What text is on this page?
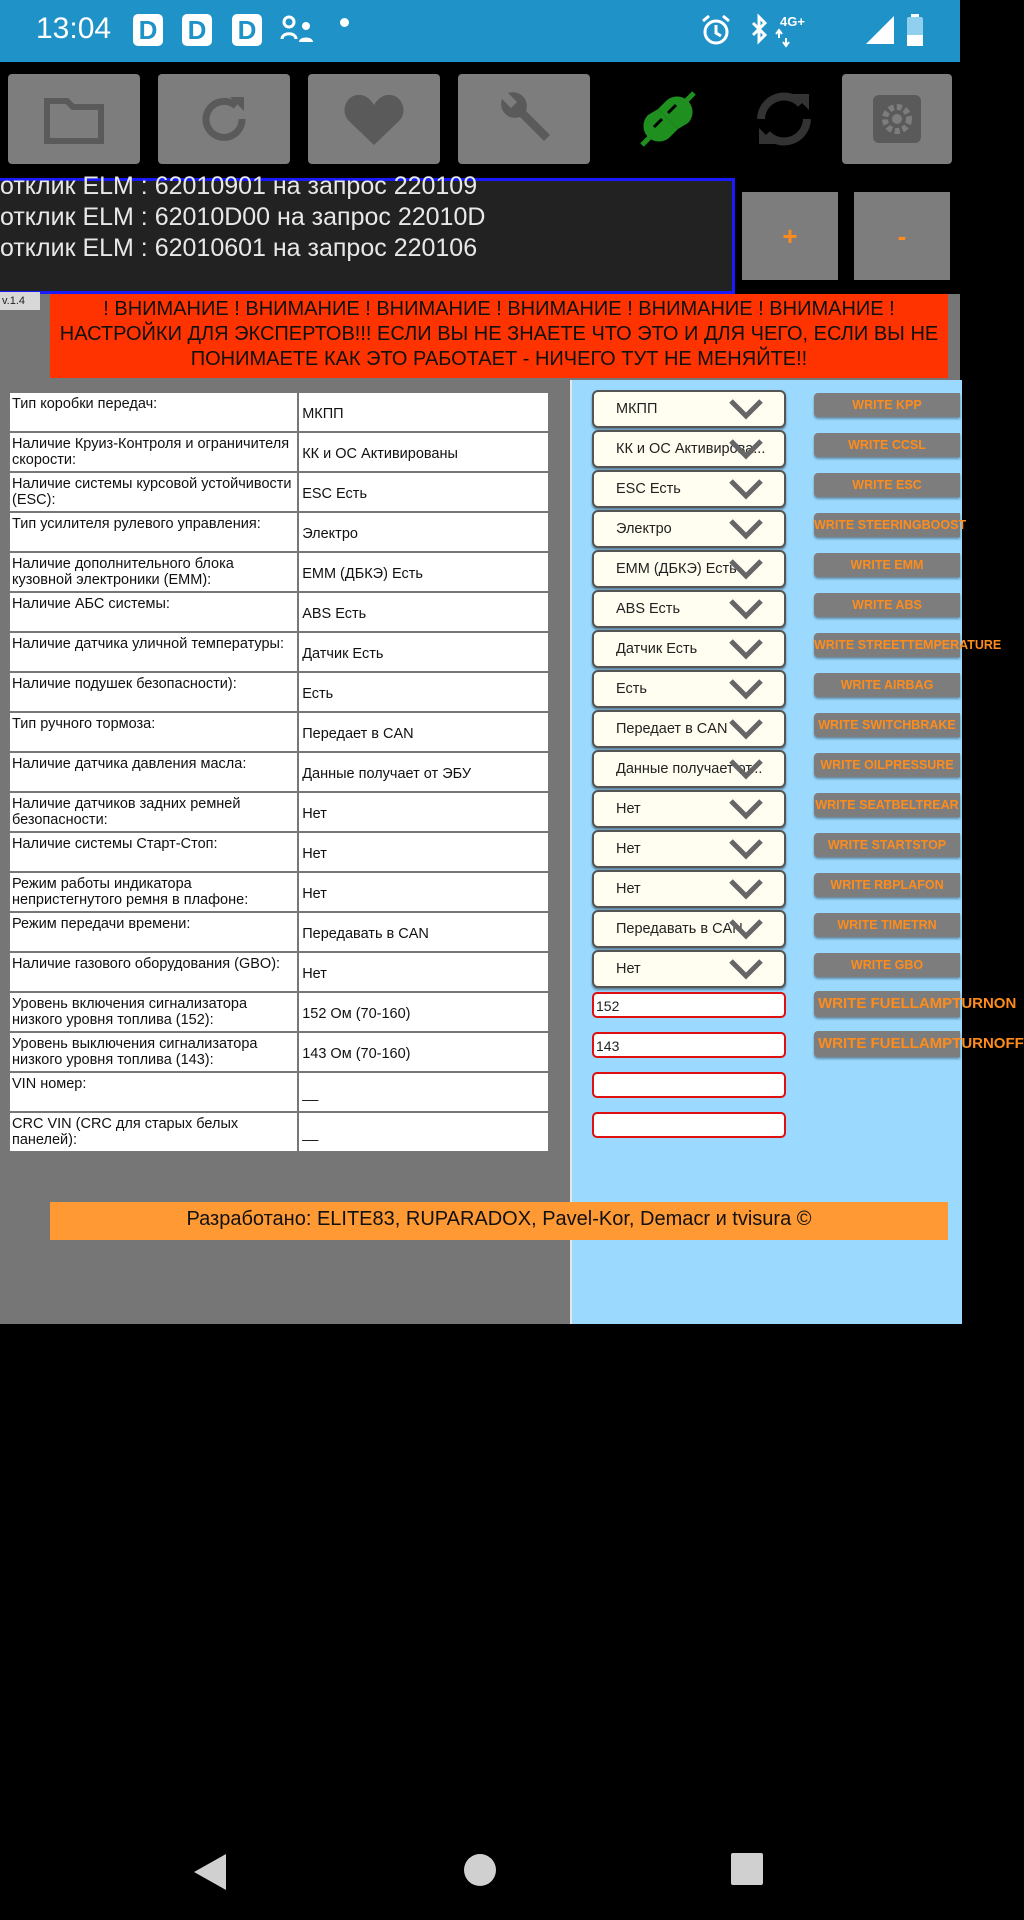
13:04 D D D	4G+
отклик ELM : 62010901 на запрос 220109
отклик ELM : 62010D00 на запрос 22010D
отклик ELM : 62010601 на запрос 220106	+	-
v.1.4	! ВНИМАНИЕ ! ВНИМАНИЕ ! ВНИМАНИЕ ! ВНИМАНИЕ ! ВНИМАНИЕ ! ВНИМАНИЕ !
НАСТРОЙКИ ДЛЯ ЭКСПЕРТОВ!!! ЕСЛИ ВЫ НЕ ЗНАЕТЕ ЧТО ЭТО И ДЛЯ ЧЕГО, ЕСЛИ ВЫ НЕ
ПОНИМАЕТЕ КАК ЭТО РАБОТАЕТ - НИЧЕГО ТУТ НЕ МЕНЯЙТЕ!!
Тип коробки передач:	МКПП
Наличие Круиз-Контроля и ограничителя скорости:	КК и ОС Активированы
Наличие системы курсовой устойчивости (ESC):	ESC Есть
Тип усилителя рулевого управления:	Электро
Наличие дополнительного блока кузовной электроники (ЕММ):	ЕММ (ДБКЭ) Есть
Наличие АБС системы:	ABS Есть
Наличие датчика уличной температуры:	Датчик Есть
Наличие подушек безопасности):	Есть
Тип ручного тормоза:	Передает в CAN
Наличие датчика давления масла:	Данные получает от ЭБУ
Наличие датчиков задних ремней безопасности:	Нет
Наличие системы Старт-Стоп:	Нет
Режим работы индикатора непристегнутого ремня в плафоне:	Нет
Режим передачи времени:	Передавать в CAN
Наличие газового оборудования (GBO):	Нет
Уровень включения сигнализатора низкого уровня топлива (152):	152 Ом (70-160)
Уровень выключения сигнализатора низкого уровня топлива (143):	143 Ом (70-160)
VIN номер:	__
CRC VIN (CRC для старых белых панелей):	__
МКПП
КК и ОС Активирова...
ESC Есть
Электро
ЕММ (ДБКЭ) Есть
ABS Есть
Датчик Есть
Есть
Передает в CAN
Данные получает от...
Нет
Нет
Нет
Передавать в CAN
Нет
152
143
WRITE KPP
WRITE CCSL
WRITE ESC
WRITE STEERINGBOOST
WRITE EMM
WRITE ABS
WRITE STREETTEMPERATURE
WRITE AIRBAG
WRITE SWITCHBRAKE
WRITE OILPRESSURE
WRITE SEATBELTREAR
WRITE STARTSTOP
WRITE RBPLAFON
WRITE TIMETRN
WRITE GBO
WRITE FUELLAMPTURNON
WRITE FUELLAMPTURNOFF
Разработано: ELITE83, RUPARADOX, Pavel-Kor, Demacr и tvisura ©
